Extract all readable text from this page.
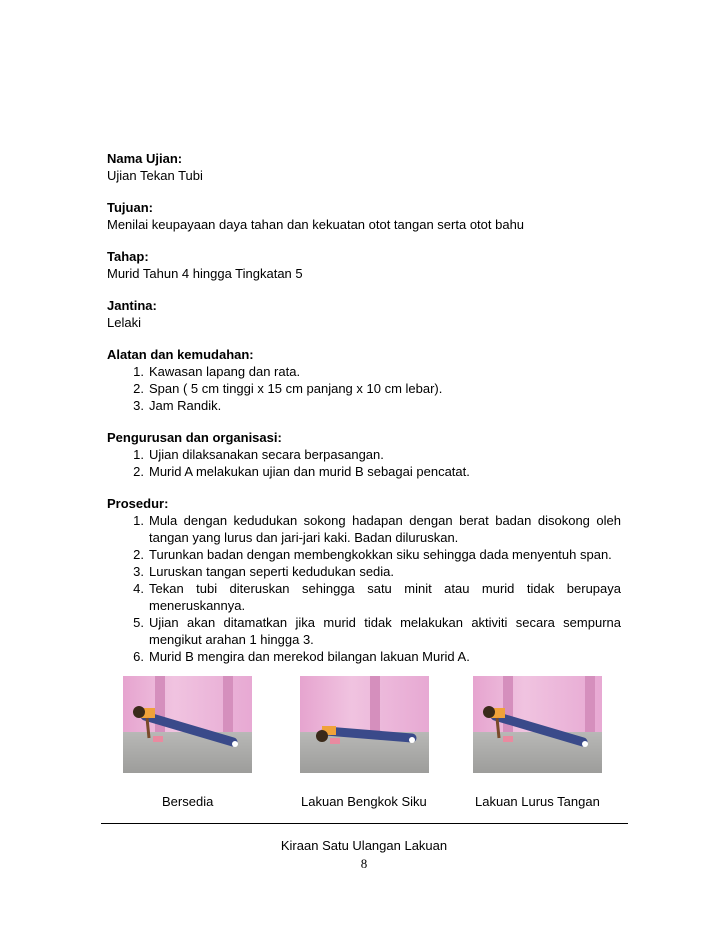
Nama Ujian:

Ujian Tekan Tubi

Tujuan:

Menilai keupayaan daya tahan dan kekuatan otot tangan serta otot bahu

Tahap:

Murid Tahun 4 hingga Tingkatan 5

Jantina:

Lelaki

Alatan dan kemudahan:
1. Kawasan lapang dan rata.
2. Span ( 5 cm tinggi x 15 cm panjang x 10 cm lebar).
3. Jam Randik.
Pengurusan dan organisasi:
1. Ujian dilaksanakan secara berpasangan.
2. Murid A melakukan ujian dan murid B sebagai pencatat.
Prosedur:
1. Mula dengan kedudukan sokong hadapan dengan berat badan disokong oleh tangan yang lurus dan jari-jari kaki. Badan diluruskan.
2. Turunkan badan dengan membengkokkan siku sehingga dada menyentuh span.
3. Luruskan tangan seperti kedudukan sedia.
4. Tekan tubi diteruskan sehingga satu minit atau murid tidak berupaya meneruskannya.
5. Ujian akan ditamatkan jika murid tidak melakukan aktiviti secara sempurna mengikut arahan 1 hingga 3.
6. Murid B mengira dan merekod bilangan lakuan Murid A.
Bersedia	Lakuan Bengkok Siku	Lakuan Lurus Tangan
Kiraan Satu Ulangan Lakuan
8
